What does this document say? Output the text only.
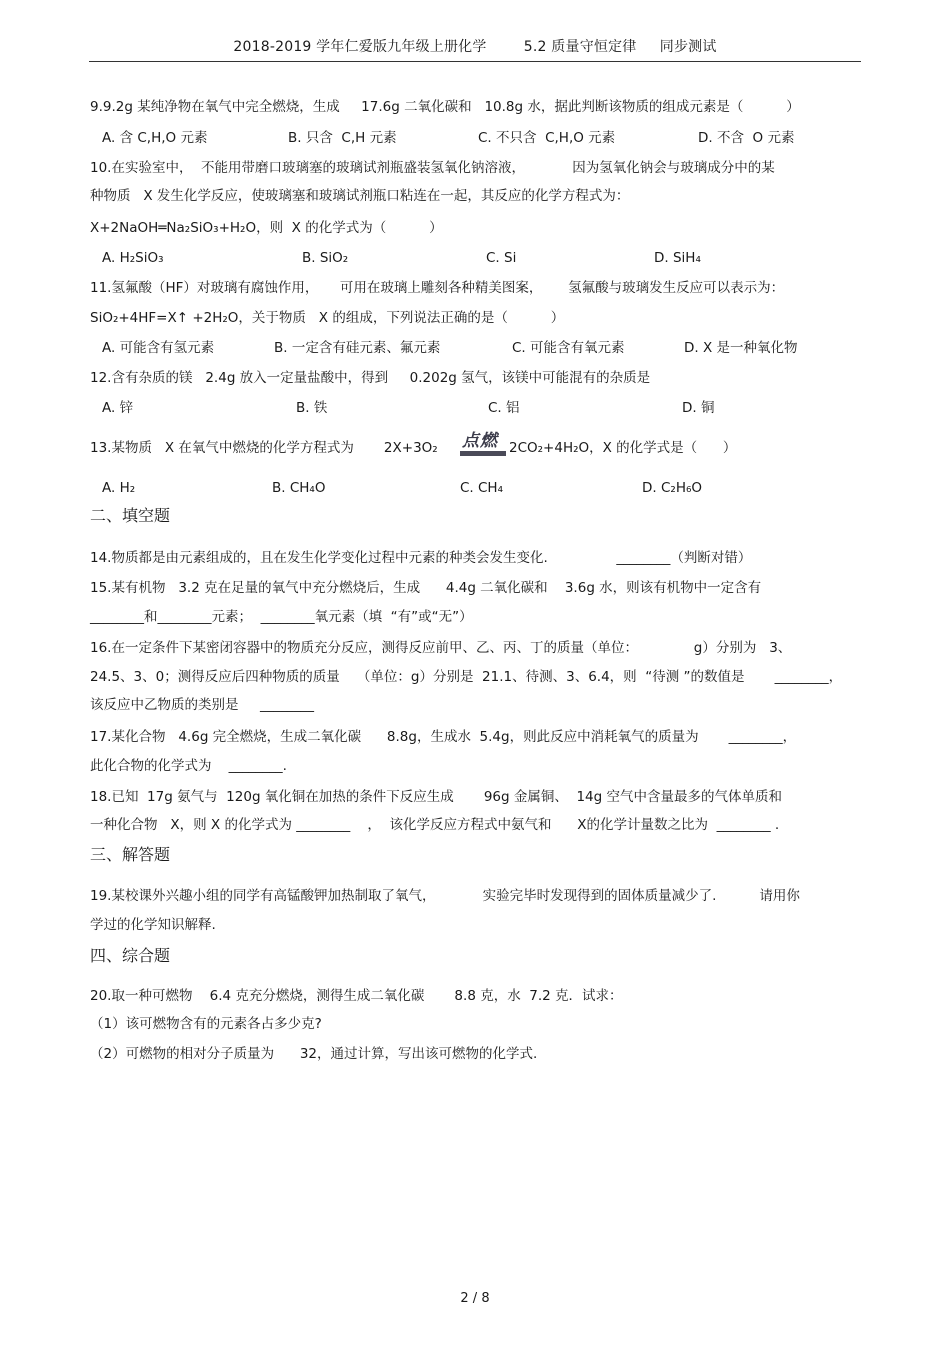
2018-2019 学年仁爱版九年级上册化学        5.2 质量守恒定律     同步测试
9.9.2g 某纯净物在氧气中完全燃烧，生成     17.6g 二氧化碳和   10.8g 水，据此判断该物质的组成元素是（          ）
A. 含 C,H,O 元素	B. 只含  C,H 元素	C. 不只含  C,H,O 元素	D. 不含  O 元素
10.在实验室中，  不能用带磨口玻璃塞的玻璃试剂瓶盛装氢氧化钠溶液，           因为氢氧化钠会与玻璃成分中的某
种物质   X 发生化学反应，使玻璃塞和玻璃试剂瓶口粘连在一起，其反应的化学方程式为：
X+2NaOH═Na₂SiO₃+H₂O，则  X 的化学式为（          ）
A. H₂SiO₃	B. SiO₂	C. Si	D. SiH₄
11.氢氟酸（HF）对玻璃有腐蚀作用，     可用在玻璃上雕刻各种精美图案，      氢氟酸与玻璃发生反应可以表示为：
SiO₂+4HF=X↑ +2H₂O，关于物质   X 的组成，下列说法正确的是（          ）
A. 可能含有氢元素	B. 一定含有硅元素、氟元素	C. 可能含有氧元素	D. X 是一种氧化物
12.含有杂质的镁   2.4g 放入一定量盐酸中，得到     0.202g 氢气，该镁中可能混有的杂质是
A. 锌	B. 铁	C. 铝	D. 铜
13.某物质   X 在氧气中燃烧的化学方程式为       2X+3O₂	点燃 2CO₂+4H₂O，X 的化学式是（      ）
A. H₂	B. CH₄O	C. CH₄	D. C₂H₆O
二、填空题
14.物质都是由元素组成的，且在发生化学变化过程中元素的种类会发生变化.                ________（判断对错）
15.某有机物   3.2 克在足量的氧气中充分燃烧后，生成      4.4g 二氧化碳和    3.6g 水，则该有机物中一定含有
________和________元素；  ________氧元素（填  “有”或“无”）
16.在一定条件下某密闭容器中的物质充分反应，测得反应前甲、乙、丙、丁的质量（单位：             g）分别为   3、
24.5、3、0；测得反应后四种物质的质量    （单位：g）分别是  21.1、待测、3、6.4，则  “待测 ”的数值是       ________，
该反应中乙物质的类别是     ________
17.某化合物   4.6g 完全燃烧，生成二氧化碳      8.8g，生成水  5.4g，则此反应中消耗氧气的质量为       ________，
此化合物的化学式为    ________.
18.已知  17g 氨气与  120g 氧化铜在加热的条件下反应生成       96g 金属铜、  14g 空气中含量最多的气体单质和
一种化合物   X，则 X 的化学式为 ________    ，  该化学反应方程式中氨气和      X的化学计量数之比为  ________ .
三、解答题
19.某校课外兴趣小组的同学有高锰酸钾加热制取了氧气，           实验完毕时发现得到的固体质量减少了.          请用你
学过的化学知识解释.
四、综合题
20.取一种可燃物    6.4 克充分燃烧，测得生成二氧化碳       8.8 克，水  7.2 克．试求：
（1）该可燃物含有的元素各占多少克?
（2）可燃物的相对分子质量为      32，通过计算，写出该可燃物的化学式.
2 / 8
